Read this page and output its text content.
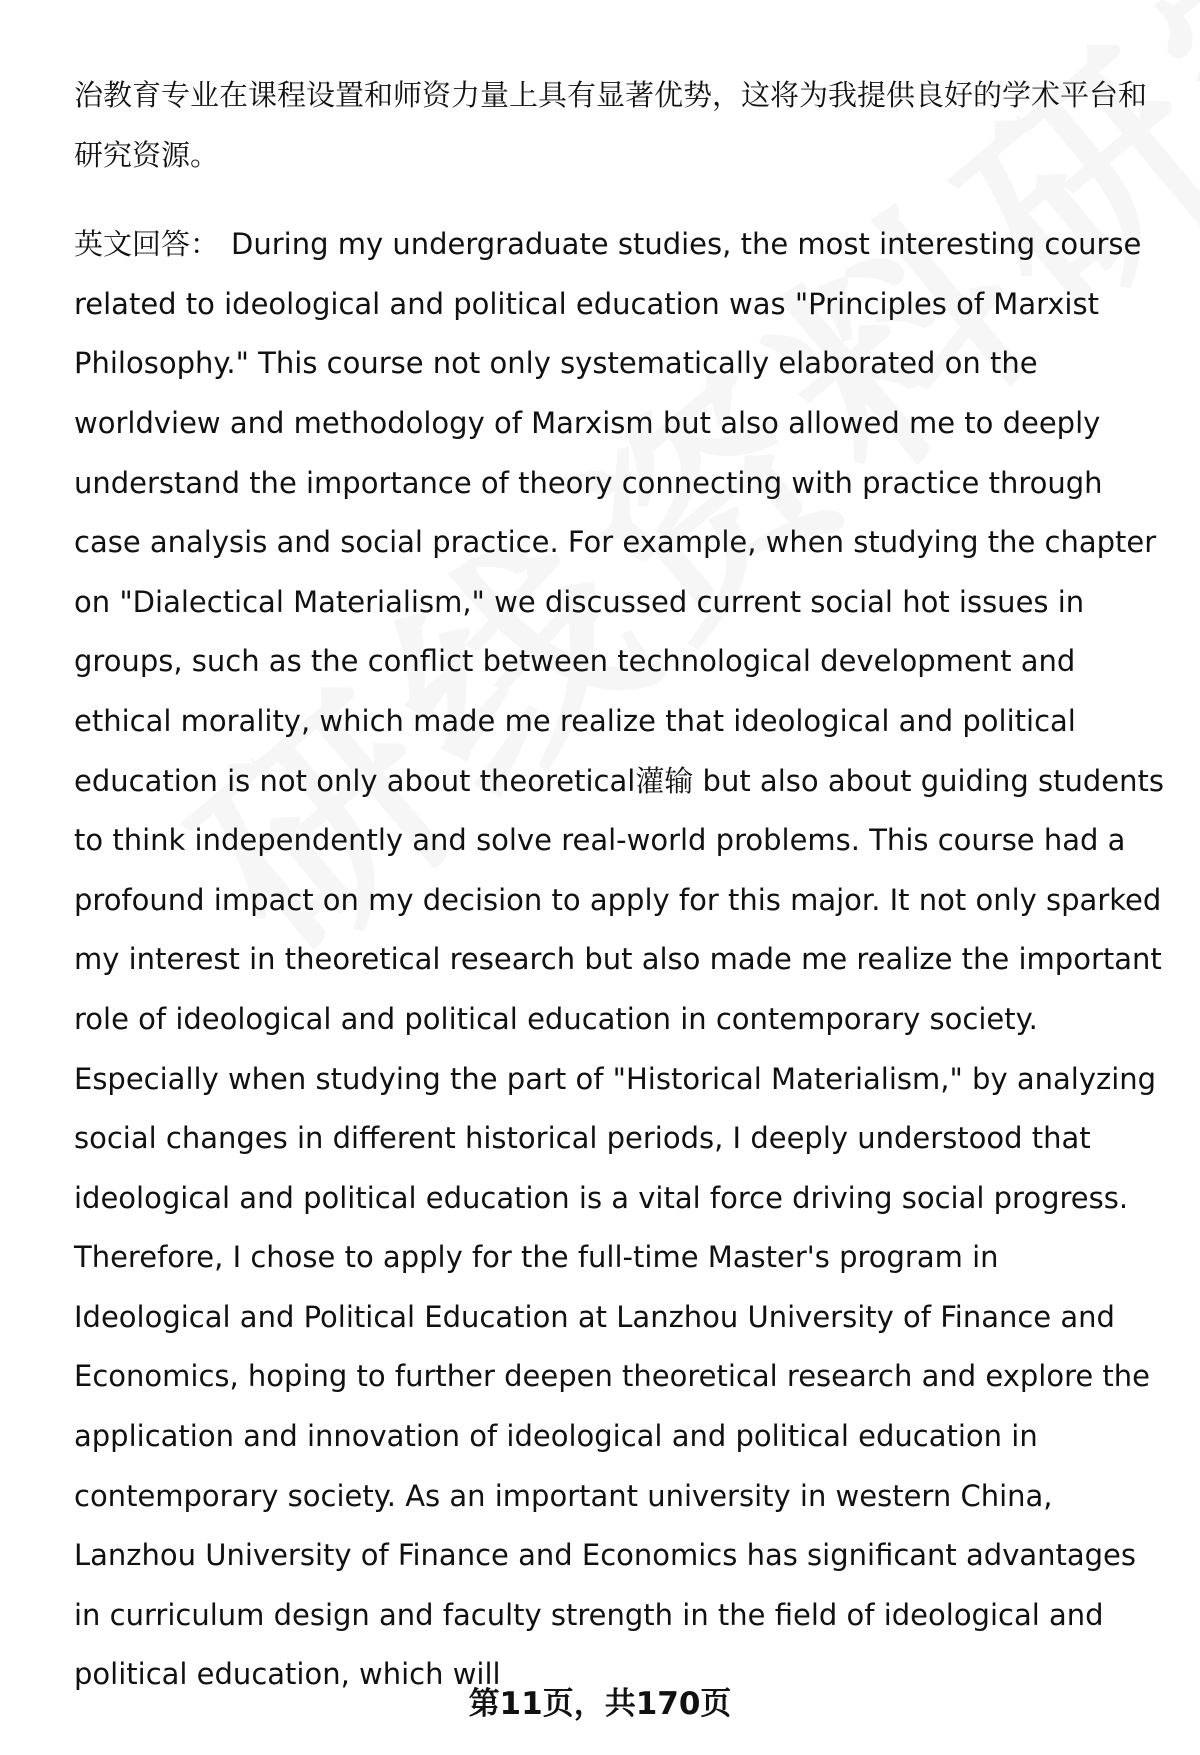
治教育专业在课程设置和师资力量上具有显著优势，这将为我提供良好的学术平台和研究资源。

英文回答： During my undergraduate studies, the most interesting course related to ideological and political education was "Principles of Marxist Philosophy." This course not only systematically elaborated on the worldview and methodology of Marxism but also allowed me to deeply understand the importance of theory connecting with practice through case analysis and social practice. For example, when studying the chapter on "Dialectical Materialism," we discussed current social hot issues in groups, such as the conflict between technological development and ethical morality, which made me realize that ideological and political education is not only about theoretical灌输 but also about guiding students to think independently and solve real-world problems. This course had a profound impact on my decision to apply for this major. It not only sparked my interest in theoretical research but also made me realize the important role of ideological and political education in contemporary society. Especially when studying the part of "Historical Materialism," by analyzing social changes in different historical periods, I deeply understood that ideological and political education is a vital force driving social progress. Therefore, I chose to apply for the full-time Master's program in Ideological and Political Education at Lanzhou University of Finance and Economics, hoping to further deepen theoretical research and explore the application and innovation of ideological and political education in contemporary society. As an important university in western China, Lanzhou University of Finance and Economics has significant advantages in curriculum design and faculty strength in the field of ideological and political education, which will

第11页，共170页
